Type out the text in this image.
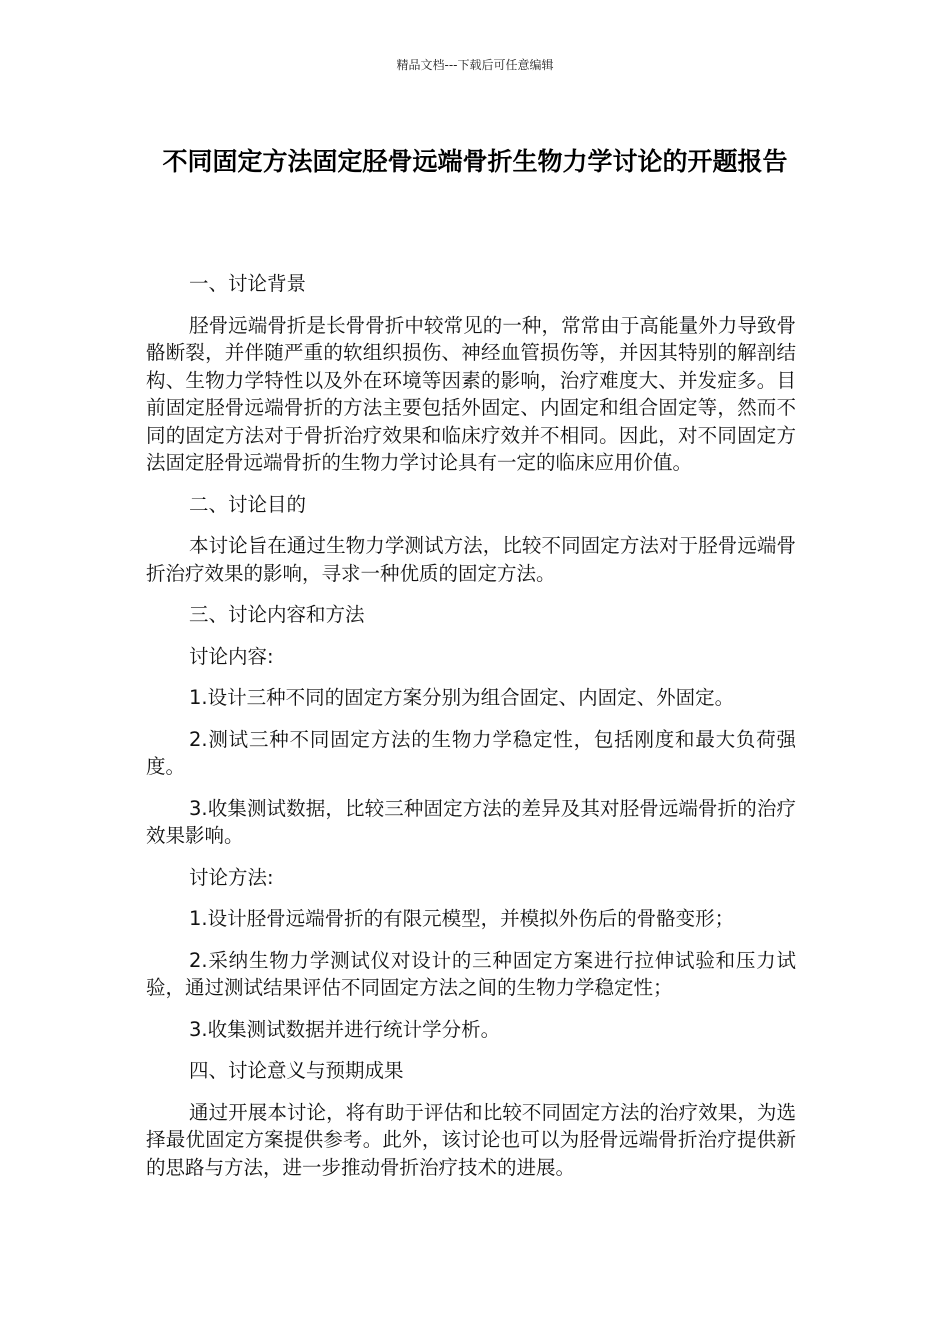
精品文档---下载后可任意编辑
不同固定方法固定胫骨远端骨折生物力学讨论的开题报告

一、讨论背景

胫骨远端骨折是长骨骨折中较常见的一种，常常由于高能量外力导致骨骼断裂，并伴随严重的软组织损伤、神经血管损伤等，并因其特别的解剖结构、生物力学特性以及外在环境等因素的影响，治疗难度大、并发症多。目前固定胫骨远端骨折的方法主要包括外固定、内固定和组合固定等，然而不同的固定方法对于骨折治疗效果和临床疗效并不相同。因此，对不同固定方法固定胫骨远端骨折的生物力学讨论具有一定的临床应用价值。

二、讨论目的

本讨论旨在通过生物力学测试方法，比较不同固定方法对于胫骨远端骨折治疗效果的影响，寻求一种优质的固定方法。

三、讨论内容和方法

讨论内容:

1.设计三种不同的固定方案分别为组合固定、内固定、外固定。

2.测试三种不同固定方法的生物力学稳定性，包括刚度和最大负荷强度。

3.收集测试数据，比较三种固定方法的差异及其对胫骨远端骨折的治疗效果影响。

讨论方法:

1.设计胫骨远端骨折的有限元模型，并模拟外伤后的骨骼变形；

2.采纳生物力学测试仪对设计的三种固定方案进行拉伸试验和压力试验，通过测试结果评估不同固定方法之间的生物力学稳定性；

3.收集测试数据并进行统计学分析。

四、讨论意义与预期成果

通过开展本讨论，将有助于评估和比较不同固定方法的治疗效果，为选择最优固定方案提供参考。此外，该讨论也可以为胫骨远端骨折治疗提供新的思路与方法，进一步推动骨折治疗技术的进展。
